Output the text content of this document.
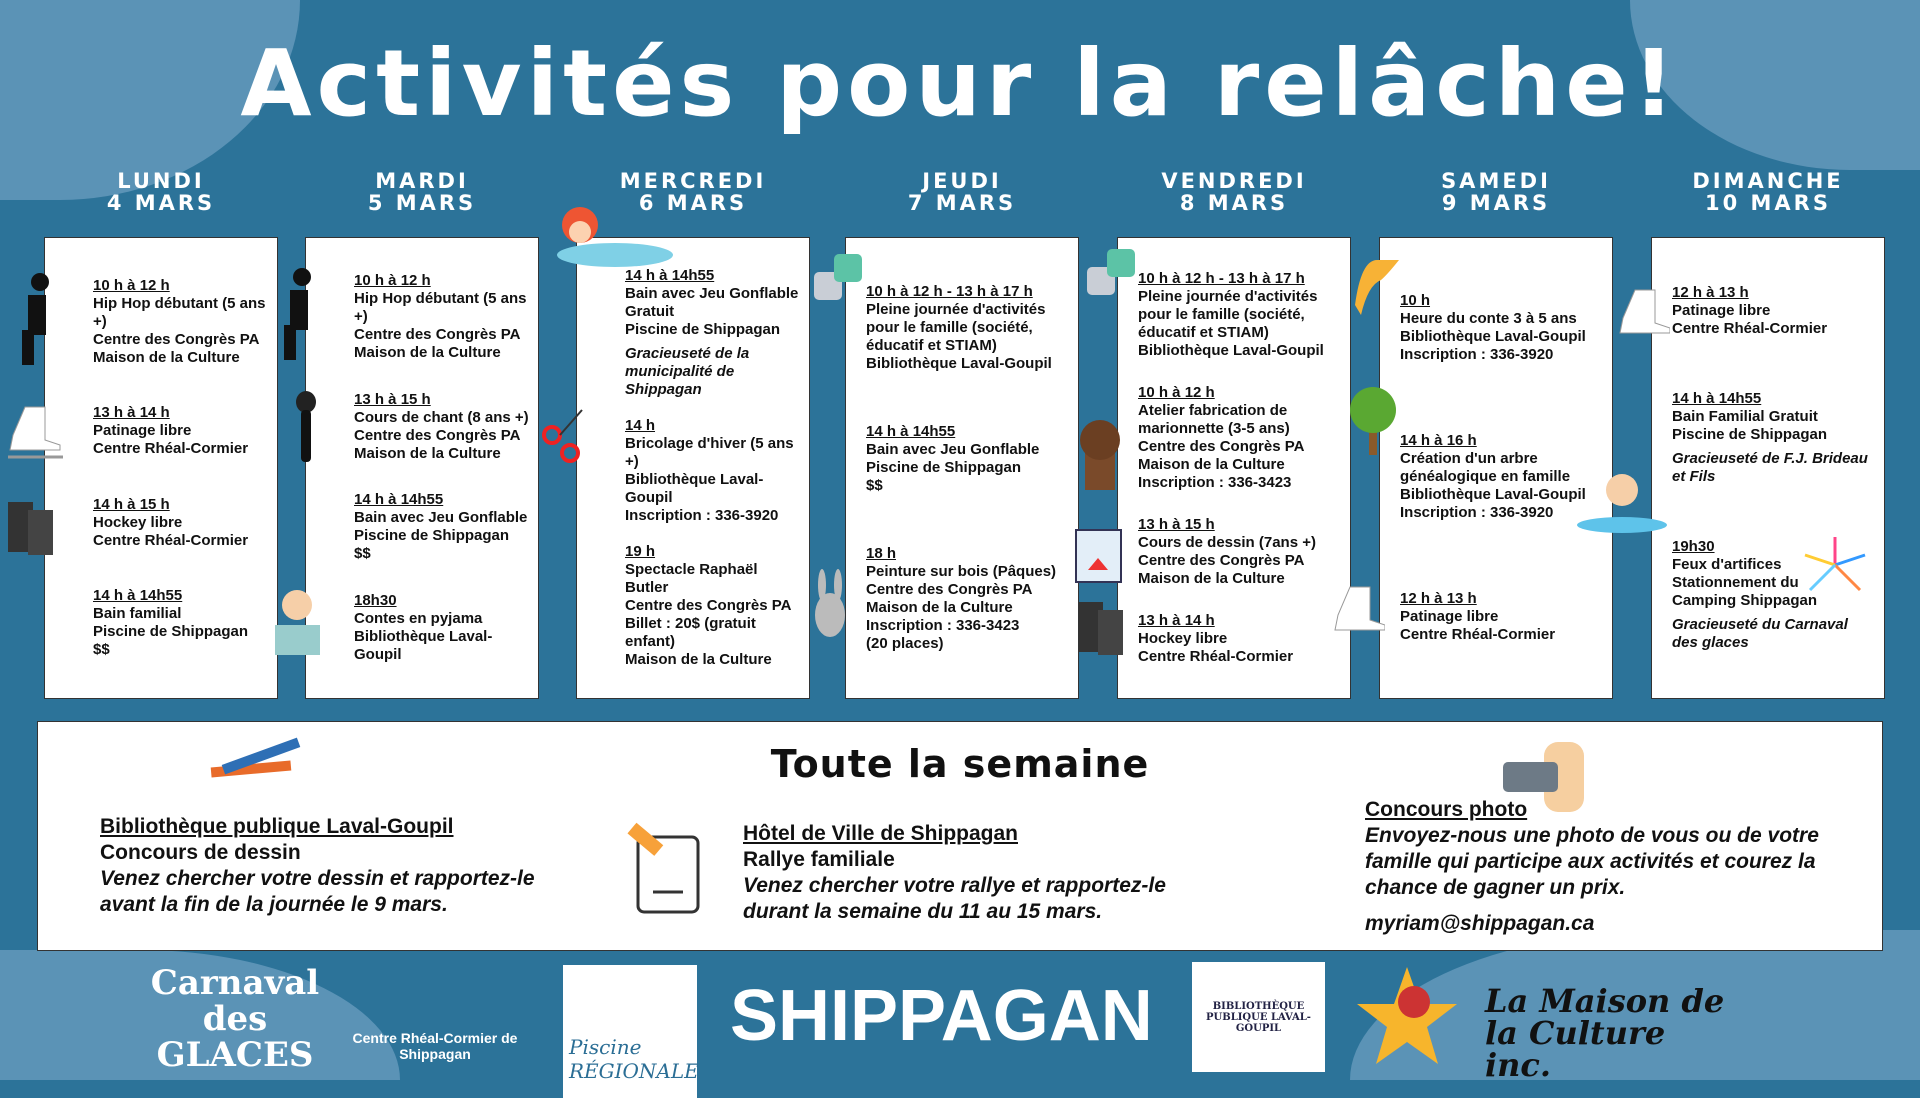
Activités pour la relâche!
LUNDI
4 MARS
10 h à 12 h
Hip Hop débutant (5 ans +)
Centre des Congrès PA
Maison de la Culture
13 h à 14 h
Patinage libre
Centre Rhéal-Cormier
14 h à 15 h
Hockey libre
Centre Rhéal-Cormier
14 h à 14h55
Bain familial
Piscine de Shippagan
$$
MARDI
5 MARS
10 h à 12 h
Hip Hop débutant (5 ans +)
Centre des Congrès PA
Maison de la Culture
13 h à 15 h
Cours de chant (8 ans +)
Centre des Congrès PA
Maison de la Culture
14 h à 14h55
Bain avec Jeu Gonflable
Piscine de Shippagan
$$
18h30
Contes en pyjama
Bibliothèque Laval-Goupil
MERCREDI
6 MARS
14 h à 14h55
Bain avec Jeu Gonflable
Gratuit
Piscine de Shippagan
Gracieuseté de la municipalité de Shippagan
14 h
Bricolage d'hiver (5 ans +)
Bibliothèque Laval-Goupil
Inscription : 336-3920
19 h
Spectacle Raphaël Butler
Centre des Congrès PA
Billet : 20$ (gratuit enfant)
Maison de la Culture
JEUDI
7 MARS
10 h à 12 h - 13 h à 17 h
Pleine journée d'activités
pour le famille (société,
éducatif et STIAM)
Bibliothèque Laval-Goupil
14 h à 14h55
Bain avec Jeu Gonflable
Piscine de Shippagan
$$
18 h
Peinture sur bois (Pâques)
Centre des Congrès PA
Maison de la Culture
Inscription : 336-3423
(20 places)
VENDREDI
8 MARS
10 h à 12 h - 13 h à 17 h
Pleine journée d'activités
pour le famille (société,
éducatif et STIAM)
Bibliothèque Laval-Goupil
10 h à 12 h
Atelier fabrication de
marionnette (3-5 ans)
Centre des Congrès PA
Maison de la Culture
Inscription : 336-3423
13 h à 15 h
Cours de dessin (7ans +)
Centre des Congrès PA
Maison de la Culture
13 h à 14 h
Hockey libre
Centre Rhéal-Cormier
SAMEDI
9 MARS
10 h
Heure du conte 3 à 5 ans
Bibliothèque Laval-Goupil
Inscription : 336-3920
14 h à 16 h
Création d'un arbre
généalogique en famille
Bibliothèque Laval-Goupil
Inscription : 336-3920
12 h à 13 h
Patinage libre
Centre Rhéal-Cormier
DIMANCHE
10 MARS
12 h à 13 h
Patinage libre
Centre Rhéal-Cormier
14 h à 14h55
Bain Familial Gratuit
Piscine de Shippagan
Gracieuseté de F.J. Brideau et Fils
19h30
Feux d'artifices
Stationnement du
Camping Shippagan
Gracieuseté du Carnaval des glaces
Toute la semaine
Bibliothèque publique Laval-Goupil
Concours de dessin
Venez chercher votre dessin et rapportez-le avant la fin de la journée le 9 mars.
Hôtel de Ville de Shippagan
Rallye familiale
Venez chercher votre rallye et rapportez-le durant la semaine du 11 au 15 mars.
Concours photo
Envoyez-nous une photo de vous ou de votre famille qui participe aux activités et courez la chance de gagner un prix.
myriam@shippagan.ca
Carnaval des GLACES	Centre Rhéal-Cormier de Shippagan	Piscine RÉGIONALE
SHIPPAGAN	BIBLIOTHÈQUE PUBLIQUE LAVAL-GOUPIL
La Maison de la Culture inc.
